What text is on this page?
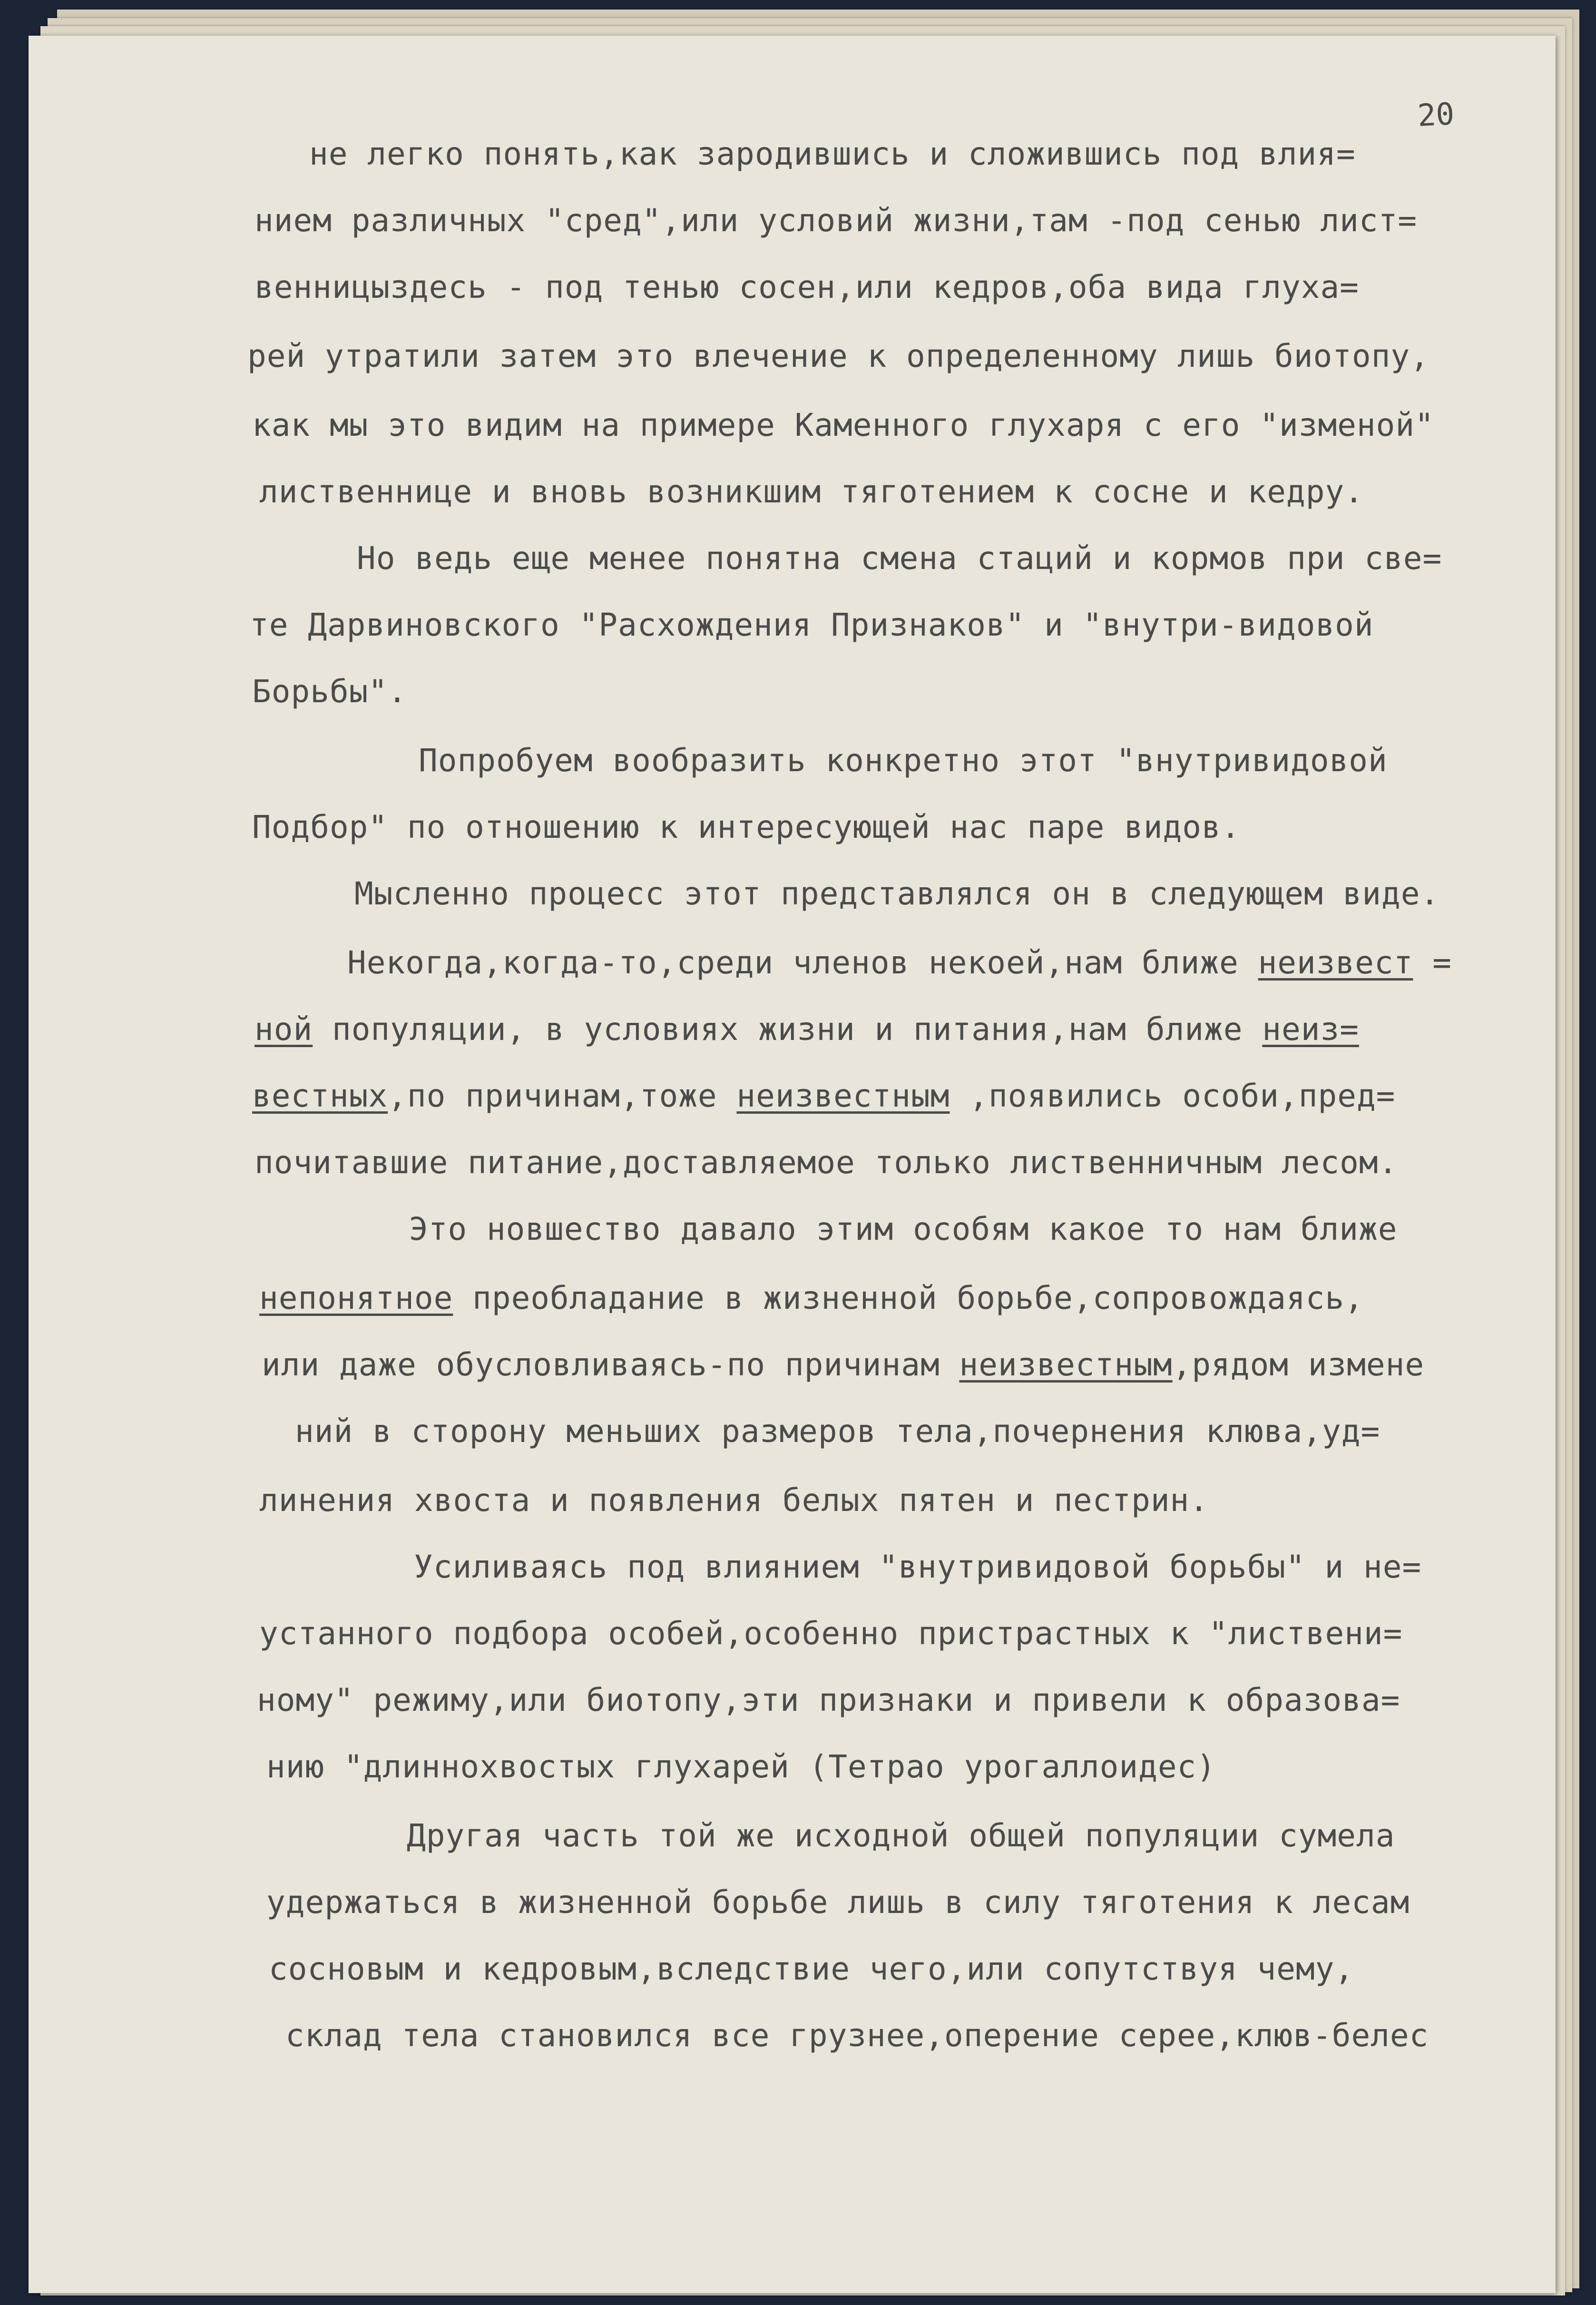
20
не легко понять,как зародившись и сложившись под влия=
нием различных "сред",или условий жизни,там -под сенью лист=
венницыздесь - под тенью сосен,или кедров,оба вида глуха=
рей утратили затем это влечение к определенному лишь биотопу,
как мы это видим на примере Каменного глухаря с его "изменой"
лиственнице и вновь возникшим тяготением к сосне и кедру.
Но ведь еще менее понятна смена стаций и кормов при све=
те Дарвиновского "Расхождения Признаков" и "внутри-видовой
Борьбы".
Попробуем вообразить конкретно этот "внутривидовой
Подбор" по отношению к интересующей нас паре видов.
Мысленно процесс этот представлялся он в следующем виде.
Некогда,когда-то,среди членов некоей,нам ближе неизвест =
ной популяции, в условиях жизни и питания,нам ближе неиз=
вестных,по причинам,тоже неизвестным ,появились особи,пред=
почитавшие питание,доставляемое только лиственничным лесом.
Это новшество давало этим особям какое то нам ближе
непонятное преобладание в жизненной борьбе,сопровождаясь,
или даже обусловливаясь-по причинам неизвестным,рядом измене
ний в сторону меньших размеров тела,почернения клюва,уд=
линения хвоста и появления белых пятен и пестрин.
Усиливаясь под влиянием "внутривидовой борьбы" и не=
устанного подбора особей,особенно пристрастных к "листвени=
ному" режиму,или биотопу,эти признаки и привели к образова=
нию "длиннохвостых глухарей (Тетрао урогаллоидес)
Другая часть той же исходной общей популяции сумела
удержаться в жизненной борьбе лишь в силу тяготения к лесам
сосновым и кедровым,вследствие чего,или сопутствуя чему,
склад тела становился все грузнее,оперение серее,клюв-белес
